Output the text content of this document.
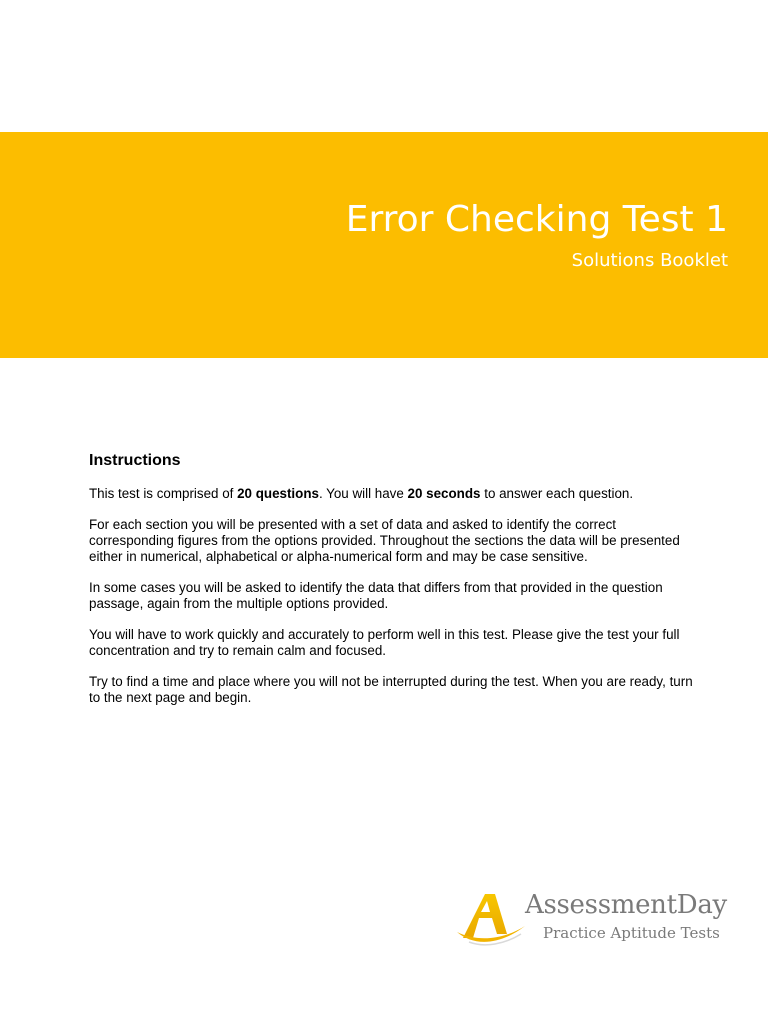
Error Checking Test 1
Solutions Booklet
Instructions

This test is comprised of 20 questions. You will have 20 seconds to answer each question.

For each section you will be presented with a set of data and asked to identify the correct corresponding figures from the options provided. Throughout the sections the data will be presented either in numerical, alphabetical or alpha-numerical form and may be case sensitive.

In some cases you will be asked to identify the data that differs from that provided in the question passage, again from the multiple options provided.

You will have to work quickly and accurately to perform well in this test. Please give the test your full concentration and try to remain calm and focused.

Try to find a time and place where you will not be interrupted during the test. When you are ready, turn to the next page and begin.

AssessmentDay
Practice Aptitude Tests
